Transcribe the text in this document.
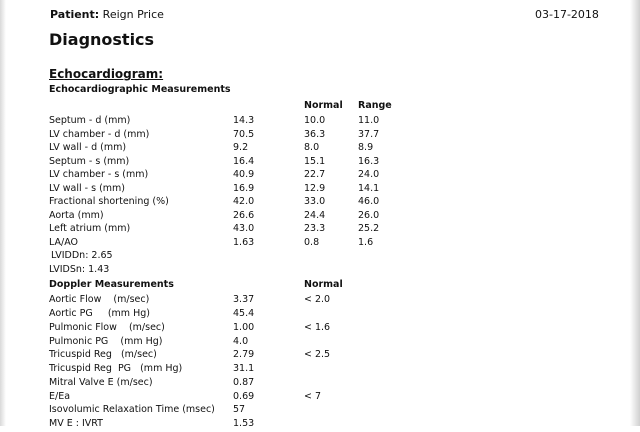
Patient: Reign Price	03-17-2018
Diagnostics
Echocardiogram:
Echocardiographic Measurements
Normal Range
Septum - d (mm)	14.3	10.0	11.0
LV chamber - d (mm)	70.5	36.3	37.7
LV wall - d (mm)	9.2	8.0	8.9
Septum - s (mm)	16.4	15.1	16.3
LV chamber - s (mm)	40.9	22.7	24.0
LV wall - s (mm)	16.9	12.9	14.1
Fractional shortening (%)	42.0	33.0	46.0
Aorta (mm)	26.6	24.4	26.0
Left atrium (mm)	43.0	23.3	25.2
LA/AO	1.63	0.8	1.6
LVIDDn: 2.65
LVIDSn: 1.43
Doppler Measurements	Normal
Aortic Flow    (m/sec)	3.37	< 2.0
Aortic PG     (mm Hg)	45.4
Pulmonic Flow    (m/sec)	1.00	< 1.6
Pulmonic PG    (mm Hg)	4.0
Tricuspid Reg   (m/sec)	2.79	< 2.5
Tricuspid Reg  PG   (mm Hg)	31.1
Mitral Valve E (m/sec)	0.87
E/Ea	0.69	< 7
Isovolumic Relaxation Time (msec) 57
MV E : IVRT	1.53
